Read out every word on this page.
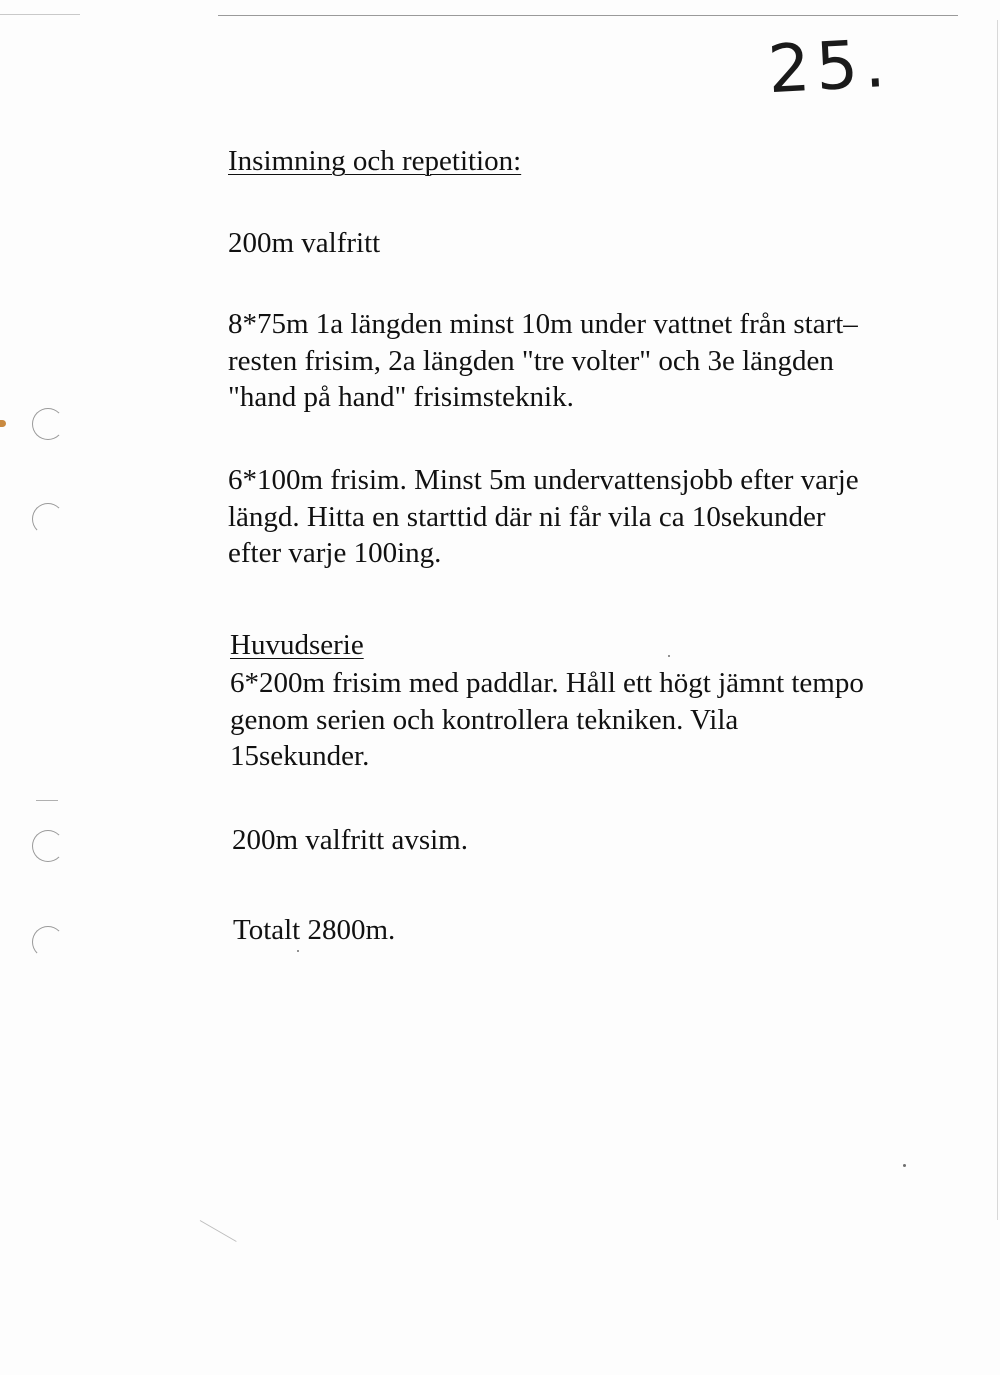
25.

Insimning och repetition:

200m valfritt

8*75m 1a längden minst 10m under vattnet från start–
resten frisim, 2a längden "tre volter" och 3e längden
"hand på hand" frisimsteknik.

6*100m frisim. Minst 5m undervattensjobb efter varje
längd. Hitta en starttid där ni får vila ca 10sekunder
efter varje 100ing.

Huvudserie

6*200m frisim med paddlar. Håll ett högt jämnt tempo
genom serien och kontrollera tekniken. Vila
15sekunder.

200m valfritt avsim.

Totalt 2800m.
